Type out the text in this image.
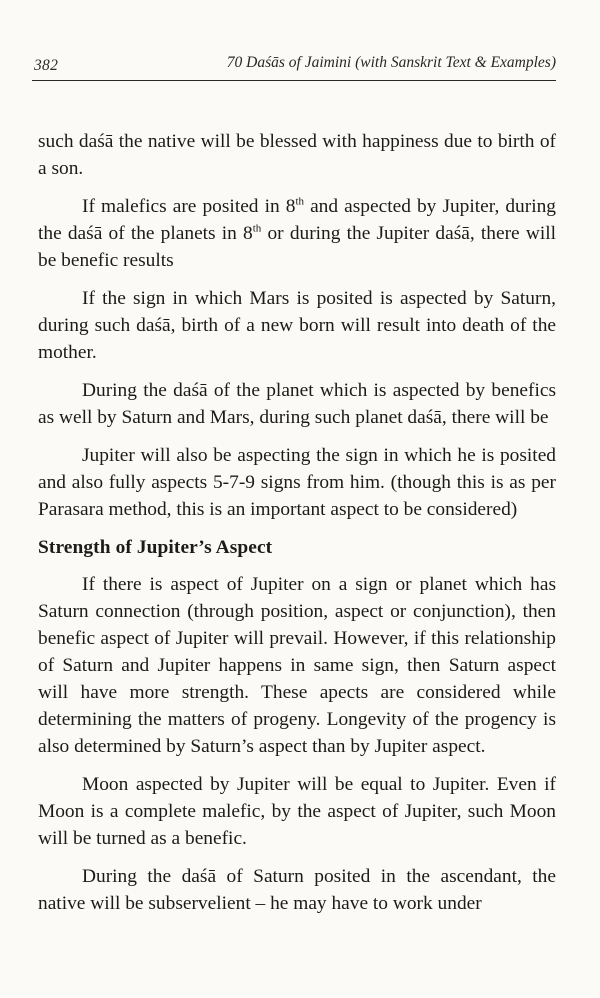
382	70 Daśās of Jaimini (with Sanskrit Text & Examples)

such daśā the native will be blessed with happiness due to birth of a son.

If malefics are posited in 8th and aspected by Jupiter, during the daśā of the planets in 8th or during the Jupiter daśā, there will be benefic results

If the sign in which Mars is posited is aspected by Saturn, during such daśā, birth of a new born will result into death of the mother.

During the daśā of the planet which is aspected by benefics as well by Saturn and Mars, during such planet daśā, there will be

Jupiter will also be aspecting the sign in which he is posited and also fully aspects 5-7-9 signs from him. (though this is as per Parasara method, this is an important aspect to be considered)

Strength of Jupiter’s Aspect

If there is aspect of Jupiter on a sign or planet which has Saturn connection (through position, aspect or conjunction), then benefic aspect of Jupiter will prevail. However, if this relationship of Saturn and Jupiter happens in same sign, then Saturn aspect will have more strength. These apects are considered while determining the matters of progeny. Longevity of the progency is also determined by Saturn’s aspect than by Jupiter aspect.

Moon aspected by Jupiter will be equal to Jupiter. Even if Moon is a complete malefic, by the aspect of Jupiter, such Moon will be turned as a benefic.

During the daśā of Saturn posited in the ascendant, the native will be subservelient – he may have to work under
